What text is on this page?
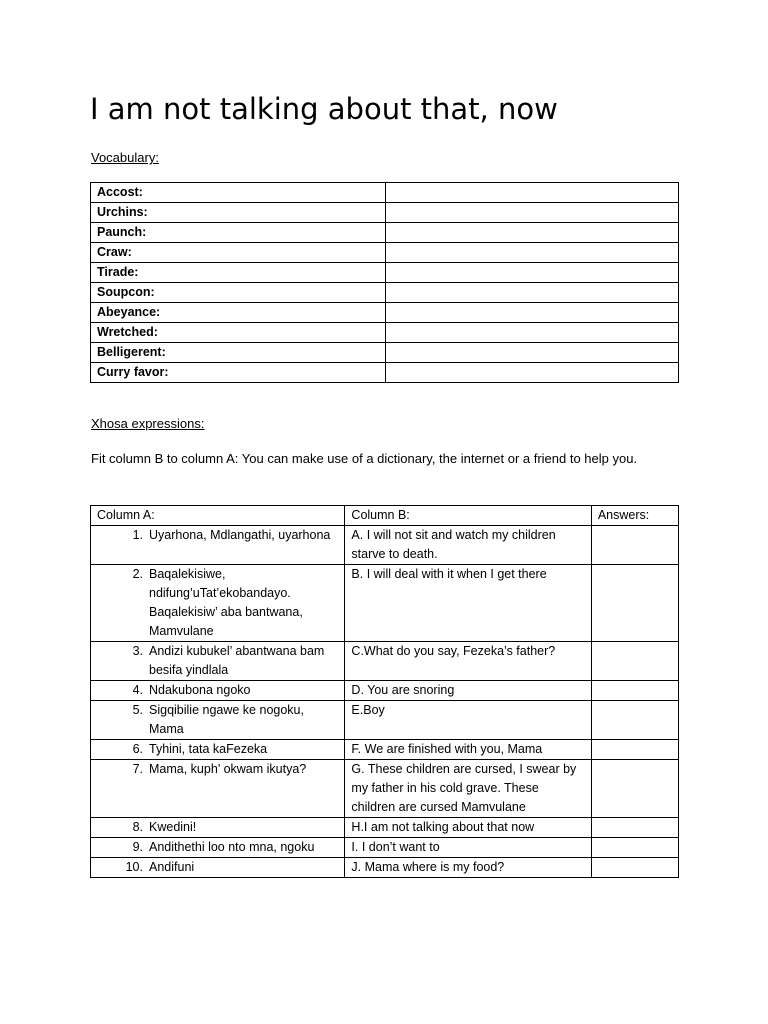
I am not talking about that, now

Vocabulary:

Accost:	
Urchins:	
Paunch:	
Craw:	
Tirade:	
Soupcon:	
Abeyance:	
Wretched:	
Belligerent:	
Curry favor:	

Xhosa expressions:

Fit column B to column A: You can make use of a dictionary, the internet or a friend to help you.

Column A:	Column B:	Answers:

1. Uyarhona, Mdlangathi, uyarhona	A. I will not sit and watch my children starve to death.	

2. Baqalekisiwe, ndifung’uTat’ekobandayo. Baqalekisiw’ aba bantwana, Mamvulane	B. I will deal with it when I get there	

3. Andizi kubukel’ abantwana bam besifa yindlala	C.What do you say, Fezeka’s father?	

4. Ndakubona ngoko	D. You are snoring	

5. Sigqibilie ngawe ke nogoku, Mama	E.Boy	

6. Tyhini, tata kaFezeka	F. We are finished with you, Mama	

7. Mama, kuph’ okwam ikutya?	G. These children are cursed, I swear by my father in his cold grave. These children are cursed Mamvulane	

8. Kwedini!	H.I am not talking about that now	

9. Andithethi loo nto mna, ngoku	I. I don’t want to	

10. Andifuni	J. Mama where is my food?	
